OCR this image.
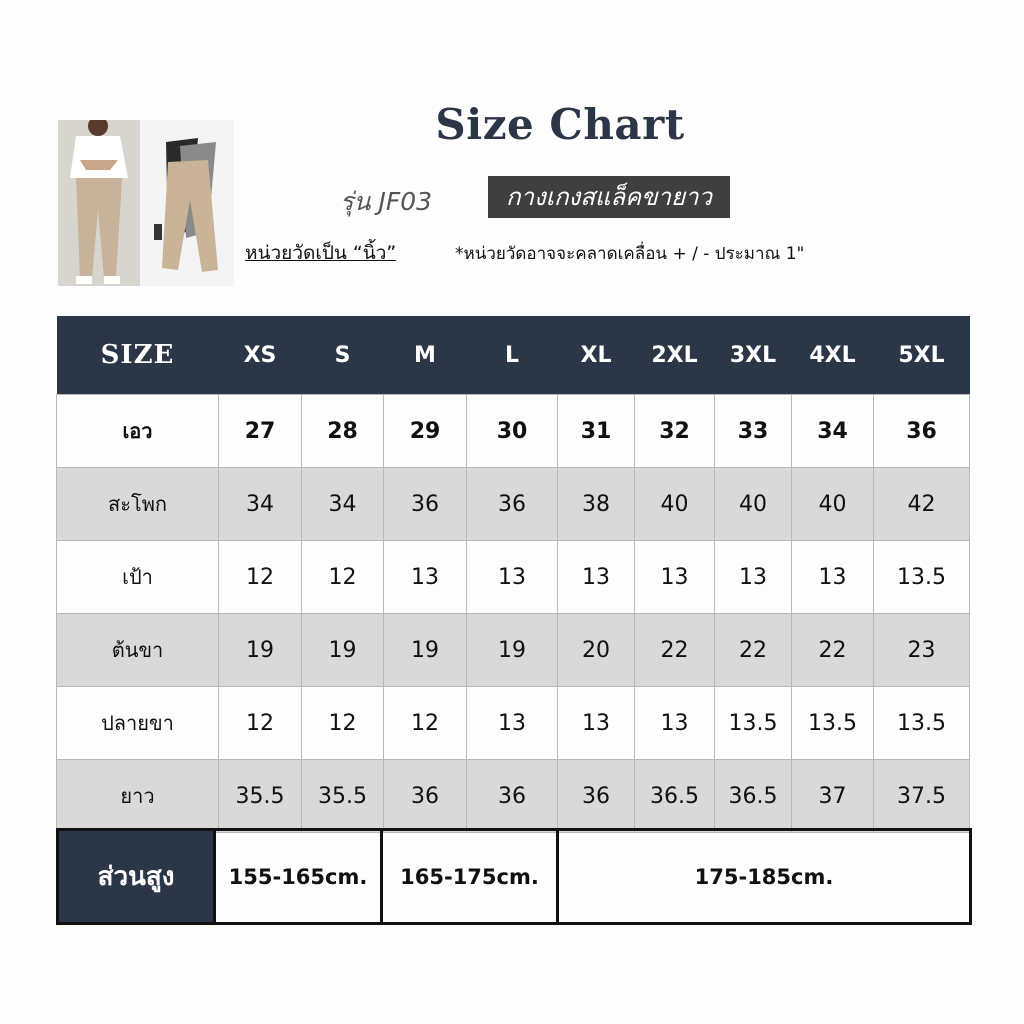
Size Chart
รุ่น JF03	กางเกงสแล็คขายาว
หน่วยวัดเป็น “นิ้ว”	*หน่วยวัดอาจจะคลาดเคลื่อน + / - ประมาณ 1"
SIZE	XS	S	M	L	XL	2XL	3XL	4XL	5XL
เอว	27	28	29	30	31	32	33	34	36
สะโพก	34	34	36	36	38	40	40	40	42
เป้า	12	12	13	13	13	13	13	13	13.5
ต้นขา	19	19	19	19	20	22	22	22	23
ปลายขา	12	12	12	13	13	13	13.5	13.5	13.5
ยาว	35.5	35.5	36	36	36	36.5	36.5	37	37.5
ส่วนสูง	155-165cm.	165-175cm.	175-185cm.
